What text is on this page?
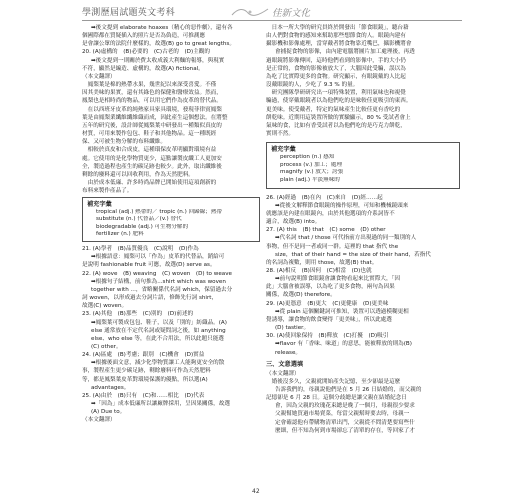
學測歷屆試題英文考科	佳新文化
➡後文提到 elaborate hoaxes（精心的惡作劇），還有各
個國際都在質疑插入的照片是否為偽造，可推測應
是會讓公眾的法院什麼樣的，故選(B) go to great lengths。
20. (A)虛構的　(B)必要的　(C)古老的　(D)主觀的
➡後文提到一則關於費太收成義大利麵的報導，與現實
不符，顯然是編造、虛構的，故選(A) fictional。
（本文翻譯）
　鳳梨葉是棉的熱帶水果，幾世紀以來深受喜愛。不僅
因其美味的果實，還有其綠色的保健和醫療效益。然而，
鳳梨也是相時尚的物品，可以用它們作為皮革的替代品。
　在以西班牙皮革的純熱家具家具環境，發現菲律賓鳳梨
葉是由鳳梨業纖維纖維織而成，因此產生這個想法。在將整
五年的研究後，設計師從鳳梨葉中研發出一種類似真皮的
材質，可用來製作包包、鞋子和其他物品。這一種既經
保、又可被生物分解的布料纖維。
　相較於真皮和合成皮，這種環保皮革明顯對環境有益
處。它使用的是化學物質更少，這點讓製皮纖工人更加安
全，製造過程也產生的碳足跡也較少。此外，取出纖維後
剩餘的廢料還可以回收利用，作為天然肥料。
　由於成本低廉、許多時尚品牌已開始使用這項創新的
布料來製作產品了。
補充字彙
tropical (adj.) 熱帶的／ tropic (n.) 回歸線；熱帶
substitute (n.) 代替品／(v.) 替代
biodegradable (adj.) 可生物分解的
fertilizer (n.) 肥料
21. (A)學者　(B)品質優良　(C)說明　(D)作為
➡根據語意：鳳梨可以「作為」皮革的代替品，銷給可
是說明 fashionable fruit 可應，故選(D) serve as。
22. (A) wove　(B) weaving　(C) woven　(D) to weave
➡根據句子結構，前句推為...shirt which was woven
together with ...，省略關係代名詞 which，保留過去分
詞 woven，以形成過去分詞片語，修飾先行詞 shirt，
故選(C) woven。
23. (A)其他　(B)那些　(C)別的　(D)前述的
➡鳳梨葉可製成包包、鞋子，以及「別的」紡織品。(A)
else 通常放在不定代名詞或疑問詞之後，如 anything
else、who else 等，在此不合用法，所以此題只能選
(C) other。
24. (A)區處　(B)考慮；跟別　(C)機會　(D)實益
➡根據後面文意，減少化學物質讓工人能夠更安全的散
事，製程產生更少碳足跡，剩餘廢料可作為天然肥料
等，都是鳳梨葉皮革對環境保護的優點，所以選(A)
advantages。
25. (A)由於　(B)只有　(C)和……相比　(D)代表
➡「因為」成本低廉所以讓廠牌採用，呈因果關係，故選
(A) Due to。
（本文翻譯）
　日本一所大學的研究員終於開發出「節食眼鏡」，聽台藉
由人們對食物的感知來幫助那些想節食的人。眼鏡內建有
攝影機和影像處理，當穿戴者將食物靠近嘴巴，攝影機將會
會捕捉食物的影像，由內建電腦將圖片加工處理後，再透
過眼鏡將影像傳回，這時他們看到的影像中，手的大小仍
是正常的，食物的影像被放大了，大腦因此受騙，誤以為
為吃了比實際更多的食物。研究顯示，有眼鏡戴的人比起
沒戴眼鏡的人，少吃了 9.3 % 的量。
　研究團隊學研研究出一項特殊裝置，利用氣味也和視覺
騙過，使穿戴眼鏡者以為他們吃的是味較佳更吸引的東西。
更美味。使受戴者，特定的氣味產生比較佳更有香吃的
餅乾味。近期用這裝置所做的實驗顯示，80 % 受試者會上
氣味的食，比如有香受試者以為他們吃的是巧克力餅乾，
實則不然。
補充字彙
perception (n.) 感知
process (v.) 加工；處理
magnify (v.) 放大；誇張
plain (adj.) 平淡無味的
26. (A)經過　(B)在內　(C)來自　(D)經……起
➡從後文解釋節食眼鏡的操作原理，可知和機械鏡頭來
就應該是內建在眼鏡內，由於其他選項的介系詞皆不
適合，故選(B) into。
27. (A) this　(B) that　(C) some　(D) other
➡代名詞 that / those 可代指前方出現過的同一類別的人
事物，但不是同一者或同一群。這裡的 that 指代 the
size，that of their hand = the size of their hand，若指代
的名詞為複數，則用 those，故選(B) that。
28. (A)相反　(B)因何　(C)相當　(D)也就
➡前句說明節食眼鏡會讓食物看起來比實際大，「因
此」大腦會被誤導，以為吃了更多食物，兩句為因果
關係，故選(D) therefore。
29. (A)更憑意　(B)更大　(C)更健康　(D)更美味
➡從 plain 這個關鍵詞可推知，裝置可以透過模糊更相
覺誘導，讓食物的飲食變得「更美味」，所以此處選
(D) tastier。
30. (A)使回象保持　(B)釋放　(C)打擾　(D)吸引
➡flavor 有「香味、味道」的意思，能被釋放的則為(B)
release。
三、文意選填
（本文翻譯）
　婚後沒多久，父親就開始產失記憶，至少卻最是這麼
告訴我們的，母親說他們是在 5 月 26 日結婚的，而父親的
記憶卻是 6 月 28 日。這個分歧總是讓父親在結婚紀念日
會，因為父親的玫瑰花束總是晚了一個月，母親很少要求
父親幫她買過市場賣菜，每當父親幫時要去時，母親一
定會確認他有帶購物清單出門，父親從不問清楚要寫些什
麼細，但不知為何到市場卻忘了清單的存在，等回家了才
42
